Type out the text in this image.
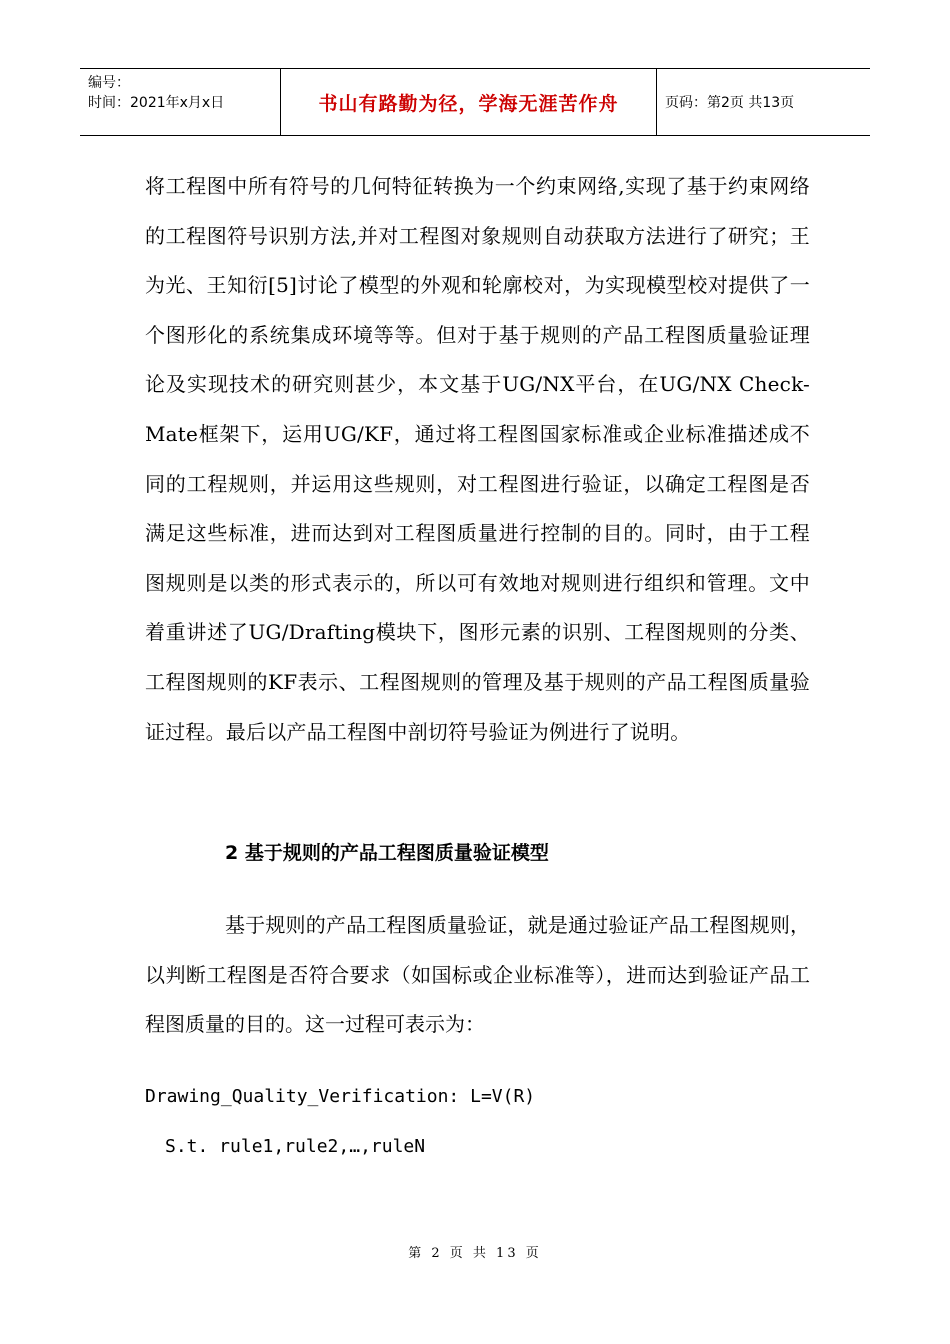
编号：
时间：2021年x月x日	书山有路勤为径，学海无涯苦作舟	页码：第2页 共13页

将工程图中所有符号的几何特征转换为一个约束网络,实现了基于约束网络的工程图符号识别方法,并对工程图对象规则自动获取方法进行了研究；王为光、王知衍[5]讨论了模型的外观和轮廓校对，为实现模型校对提供了一个图形化的系统集成环境等等。但对于基于规则的产品工程图质量验证理论及实现技术的研究则甚少，本文基于UG/NX平台，在UG/NX Check-Mate框架下，运用UG/KF，通过将工程图国家标准或企业标准描述成不同的工程规则，并运用这些规则，对工程图进行验证，以确定工程图是否满足这些标准，进而达到对工程图质量进行控制的目的。同时，由于工程图规则是以类的形式表示的，所以可有效地对规则进行组织和管理。文中着重讲述了UG/Drafting模块下，图形元素的识别、工程图规则的分类、工程图规则的KF表示、工程图规则的管理及基于规则的产品工程图质量验证过程。最后以产品工程图中剖切符号验证为例进行了说明。

2 基于规则的产品工程图质量验证模型

基于规则的产品工程图质量验证，就是通过验证产品工程图规则，以判断工程图是否符合要求（如国标或企业标准等），进而达到验证产品工程图质量的目的。这一过程可表示为：

Drawing_Quality_Verification: L=V(R)

S.t. rule1,rule2,…,ruleN

第 2 页 共 13 页
